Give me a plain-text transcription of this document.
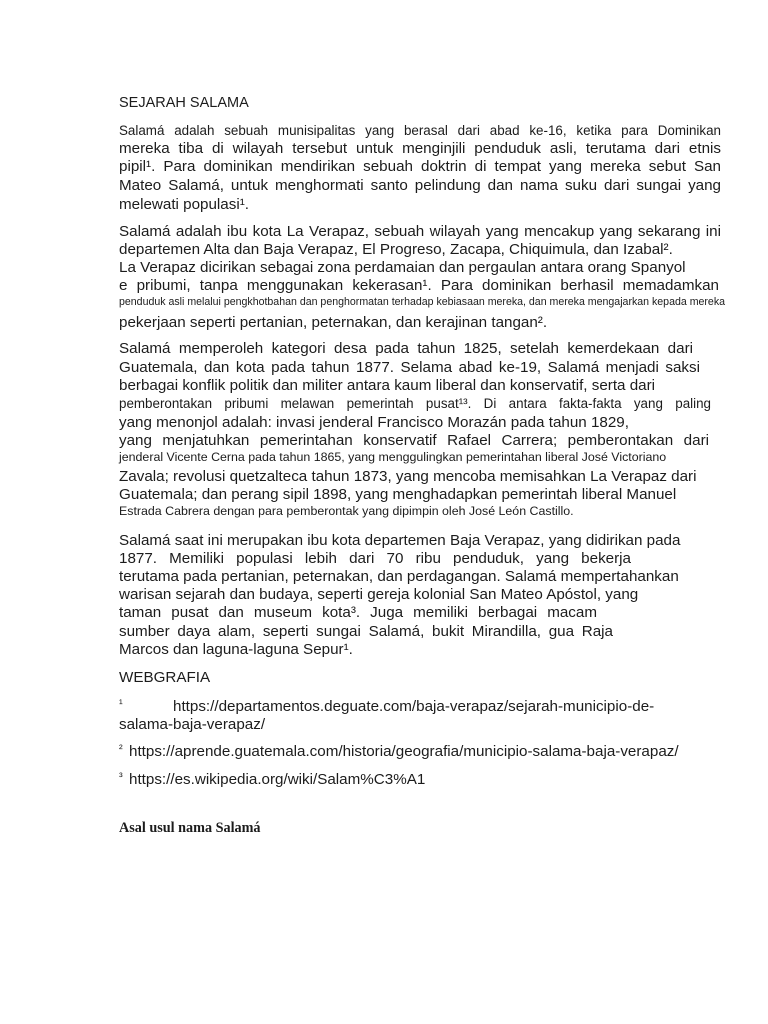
SEJARAH SALAMA
Salamá adalah sebuah munisipalitas yang berasal dari abad ke-16, ketika para Dominikan
mereka tiba di wilayah tersebut untuk menginjili penduduk asli, terutama dari etnis
pipil¹. Para dominikan mendirikan sebuah doktrin di tempat yang mereka sebut San
Mateo Salamá, untuk menghormati santo pelindung dan nama suku dari sungai yang
melewati populasi¹.
Salamá adalah ibu kota La Verapaz, sebuah wilayah yang mencakup yang sekarang ini
departemen Alta dan Baja Verapaz, El Progreso, Zacapa, Chiquimula, dan Izabal².
La Verapaz dicirikan sebagai zona perdamaian dan pergaulan antara orang Spanyol
e pribumi, tanpa menggunakan kekerasan¹. Para dominikan berhasil memadamkan
penduduk asli melalui pengkhotbahan dan penghormatan terhadap kebiasaan mereka, dan mereka mengajarkan kepada mereka
pekerjaan seperti pertanian, peternakan, dan kerajinan tangan².
Salamá memperoleh kategori desa pada tahun 1825, setelah kemerdekaan dari
Guatemala, dan kota pada tahun 1877. Selama abad ke-19, Salamá menjadi saksi
berbagai konflik politik dan militer antara kaum liberal dan konservatif, serta dari
pemberontakan pribumi melawan pemerintah pusat¹³. Di antara fakta-fakta yang paling
yang menonjol adalah: invasi jenderal Francisco Morazán pada tahun 1829,
yang menjatuhkan pemerintahan konservatif Rafael Carrera; pemberontakan dari
jenderal Vicente Cerna pada tahun 1865, yang menggulingkan pemerintahan liberal José Victoriano
Zavala; revolusi quetzalteca tahun 1873, yang mencoba memisahkan La Verapaz dari
Guatemala; dan perang sipil 1898, yang menghadapkan pemerintah liberal Manuel
Estrada Cabrera dengan para pemberontak yang dipimpin oleh José León Castillo.
Salamá saat ini merupakan ibu kota departemen Baja Verapaz, yang didirikan pada
1877. Memiliki populasi lebih dari 70 ribu penduduk, yang bekerja
terutama pada pertanian, peternakan, dan perdagangan. Salamá mempertahankan
warisan sejarah dan budaya, seperti gereja kolonial San Mateo Apóstol, yang
taman pusat dan museum kota³. Juga memiliki berbagai macam
sumber daya alam, seperti sungai Salamá, bukit Mirandilla, gua Raja
Marcos dan laguna-laguna Sepur¹.
WEBGRAFIA
¹	https://departamentos.deguate.com/baja-verapaz/sejarah-municipio-de-
salama-baja-verapaz/
² https://aprende.guatemala.com/historia/geografia/municipio-salama-baja-verapaz/
³ https://es.wikipedia.org/wiki/Salam%C3%A1
Asal usul nama Salamá
